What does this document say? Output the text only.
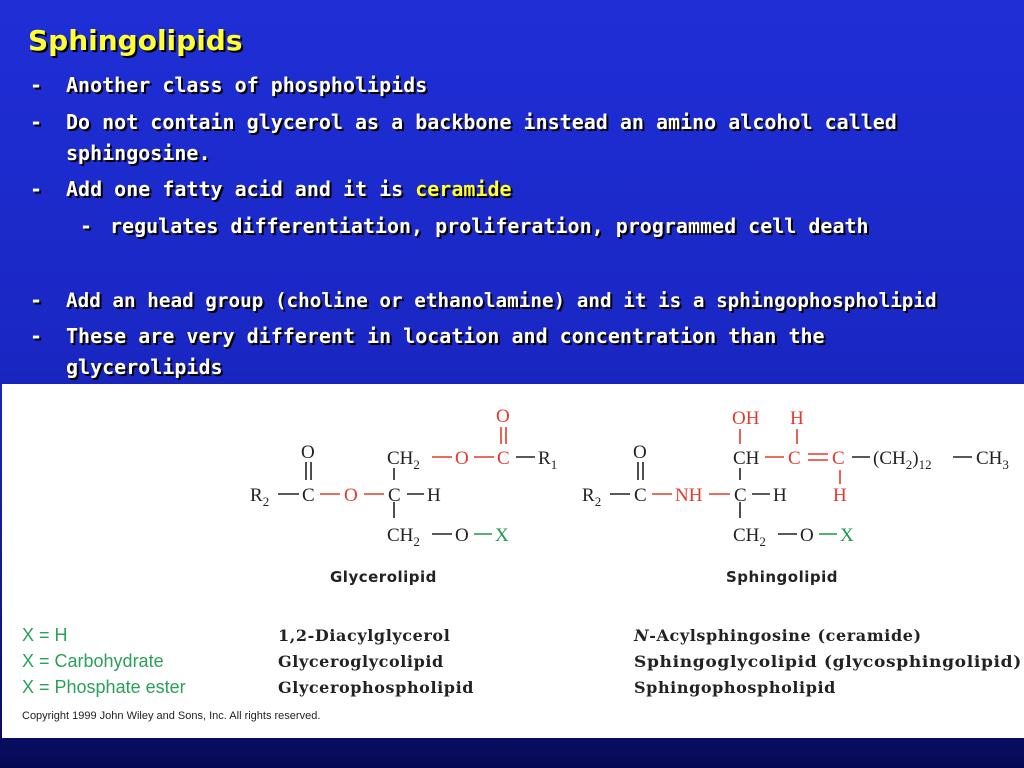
Sphingolipids
- Another class of phospholipids
- Do not contain glycerol as a backbone instead an amino alcohol called
sphingosine.
- Add one fatty acid and it is ceramide
- regulates differentiation, proliferation, programmed cell death
- Add an head group (choline or ethanolamine) and it is a sphingophospholipid
- These are very different in location and concentration than the
glycerolipids
$R_2$ C
O
O C H
$CH_2$ O C
O
$R_1$
$CH_2$ O X
Glycerolipid
$R_2$ C
O
NH C H
CH
OH
C
H
C
H
$(CH_2)_{12}$ $CH_3$
$CH_2$ O X
Sphingolipid
X = H
X = Carbohydrate
X = Phosphate ester
1,2-Diacylglycerol
Glyceroglycolipid
Glycerophospholipid
N-Acylsphingosine (ceramide)
Sphingoglycolipid (glycosphingolipid)
Sphingophospholipid
Copyright 1999 John Wiley and Sons, Inc. All rights reserved.
